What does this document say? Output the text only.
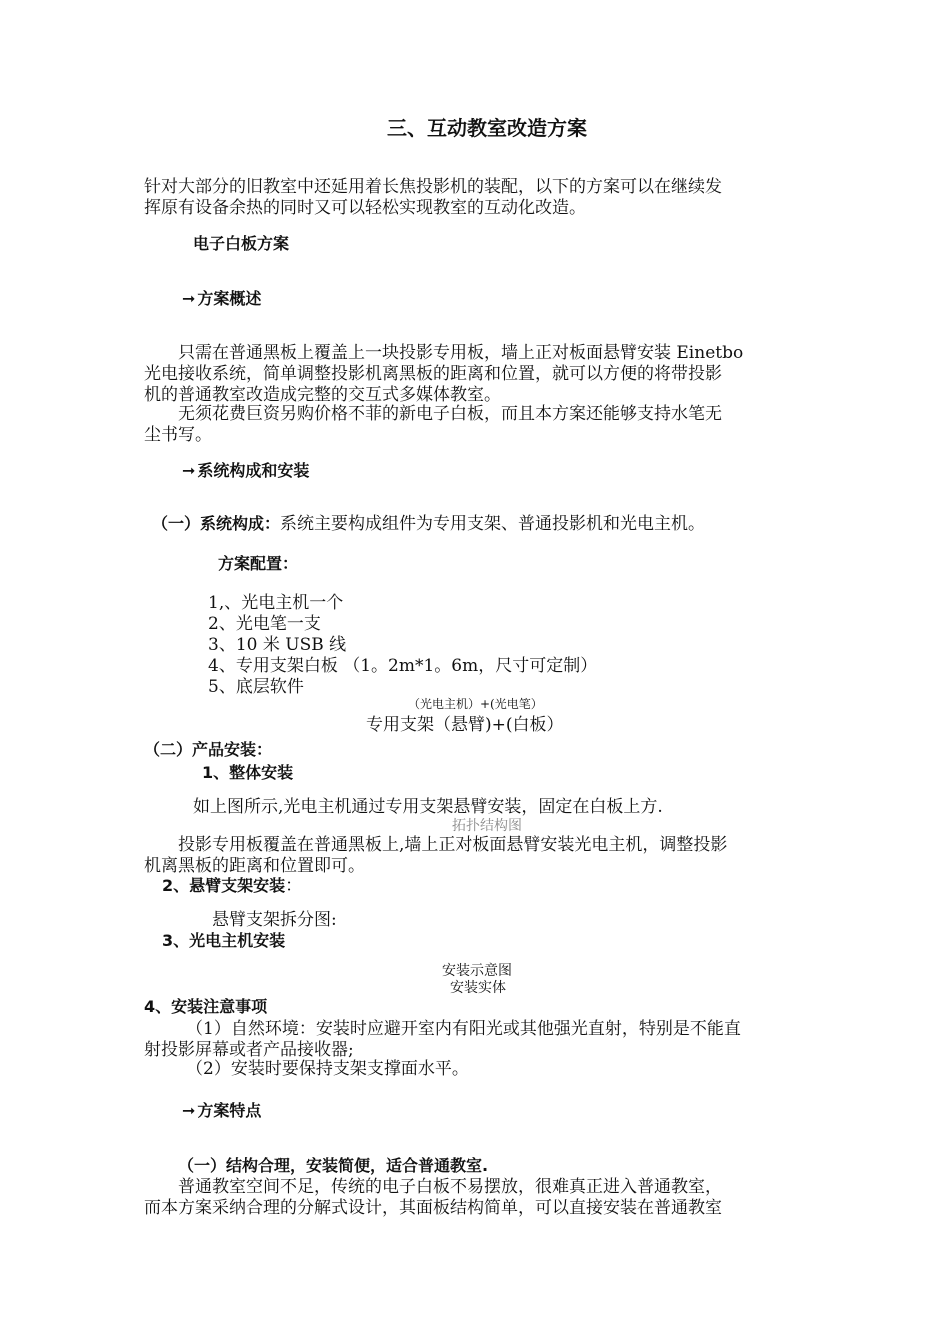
三、互动教室改造方案
针对大部分的旧教室中还延用着长焦投影机的装配，以下的方案可以在继续发
挥原有设备余热的同时又可以轻松实现教室的互动化改造。
电子白板方案
➞ 方案概述
只需在普通黑板上覆盖上一块投影专用板，墙上正对板面悬臂安装 Einetbo
光电接收系统，简单调整投影机离黑板的距离和位置，就可以方便的将带投影
机的普通教室改造成完整的交互式多媒体教室。
无须花费巨资另购价格不菲的新电子白板，而且本方案还能够支持水笔无
尘书写。
➞ 系统构成和安装
（一）系统构成：系统主要构成组件为专用支架、普通投影机和光电主机。
方案配置：
1,、光电主机一个
2、光电笔一支
3、10 米 USB 线
4、专用支架白板 （1。2m*1。6m，尺寸可定制）
5、底层软件
（光电主机）+(光电笔）
专用支架（悬臂)+(白板）
（二）产品安装：
1、整体安装
如上图所示,光电主机通过专用支架悬臂安装，固定在白板上方.
拓扑结构图
投影专用板覆盖在普通黑板上,墙上正对板面悬臂安装光电主机，调整投影
机离黑板的距离和位置即可。
2、悬臂支架安装：
悬臂支架拆分图:
3、光电主机安装
安装示意图
安装实体
4、安装注意事项
（1）自然环境：安装时应避开室内有阳光或其他强光直射，特别是不能直
射投影屏幕或者产品接收器;
（2）安装时要保持支架支撑面水平。
➞ 方案特点
（一）结构合理，安装简便，适合普通教室.
普通教室空间不足，传统的电子白板不易摆放，很难真正进入普通教室，
而本方案采纳合理的分解式设计，其面板结构简单，可以直接安装在普通教室
